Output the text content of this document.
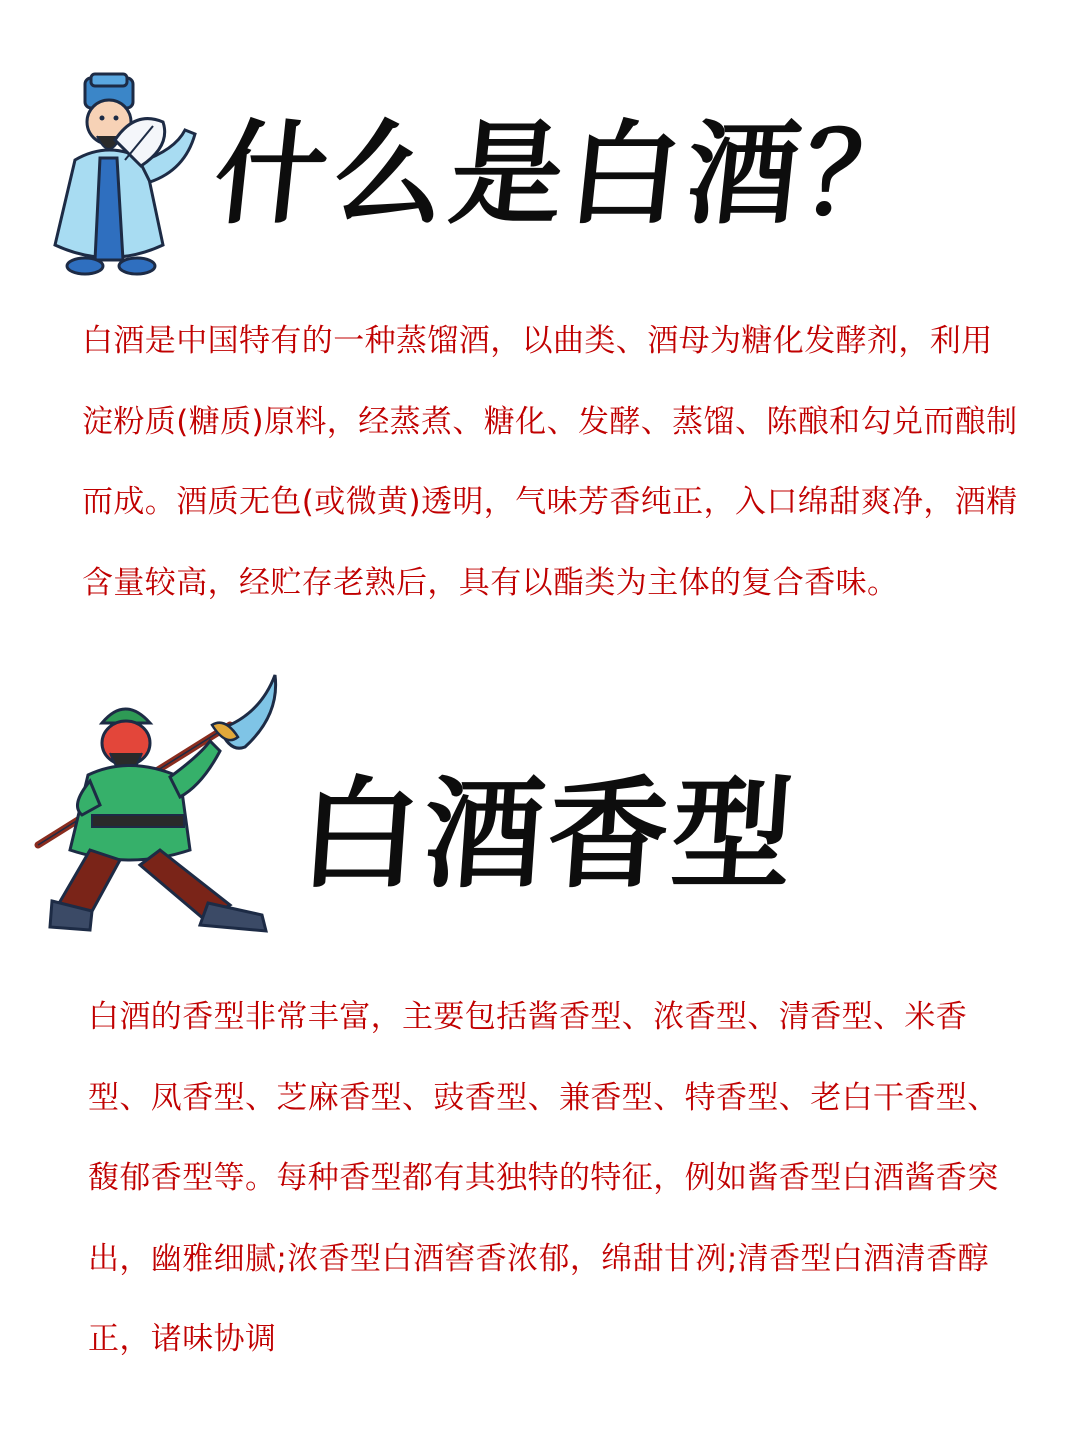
什么是白酒？

白酒是中国特有的一种蒸馏酒，以曲类、酒母为糖化发酵剂，利用淀粉质(糖质)原料，经蒸煮、糖化、发酵、蒸馏、陈酿和勾兑而酿制而成。酒质无色(或微黄)透明，气味芳香纯正，入口绵甜爽净，酒精含量较高，经贮存老熟后，具有以酯类为主体的复合香味。

白酒香型

白酒的香型非常丰富，主要包括酱香型、浓香型、清香型、米香型、凤香型、芝麻香型、豉香型、兼香型、特香型、老白干香型、馥郁香型等。每种香型都有其独特的特征，例如酱香型白酒酱香突出，幽雅细腻;浓香型白酒窖香浓郁，绵甜甘冽;清香型白酒清香醇正，诸味协调
